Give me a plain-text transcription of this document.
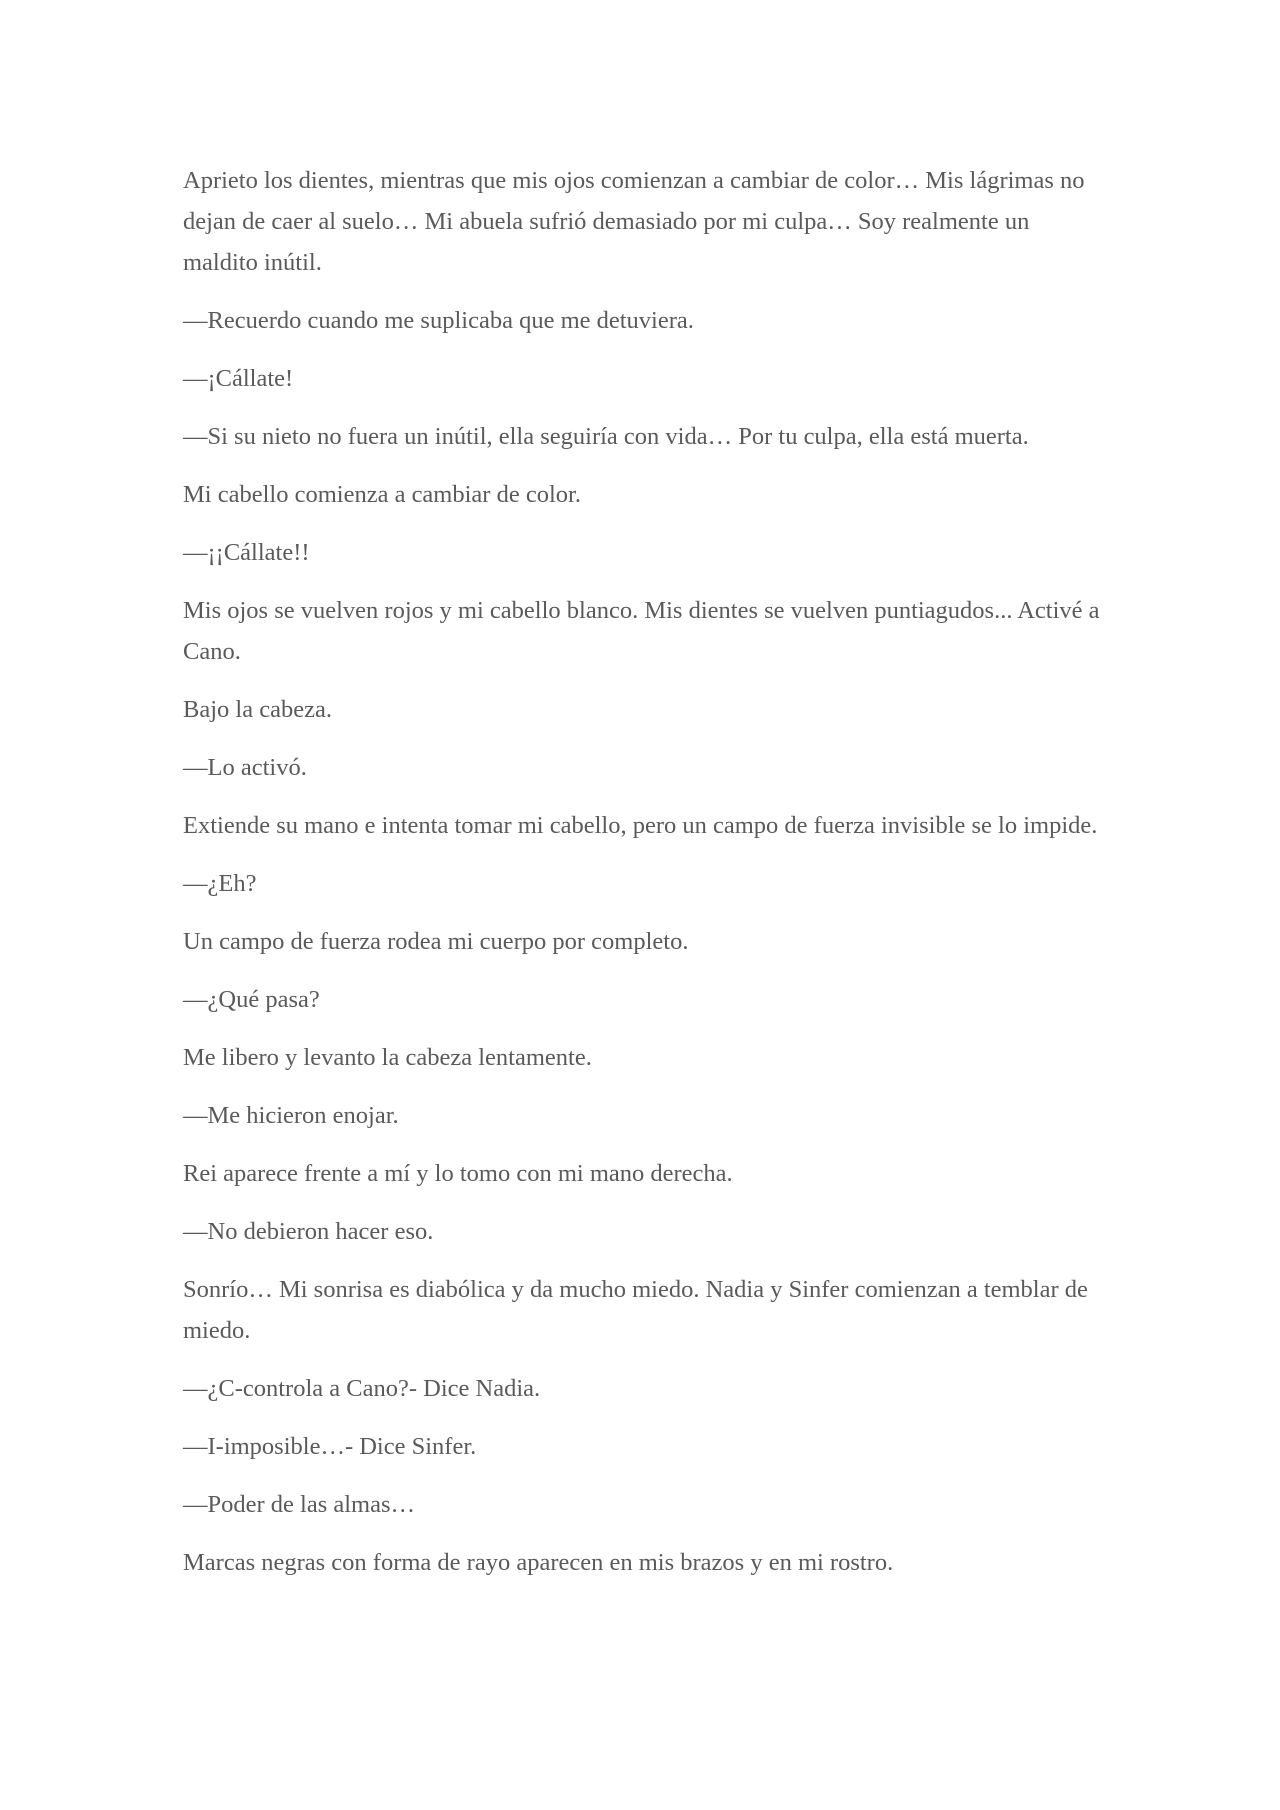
Aprieto los dientes, mientras que mis ojos comienzan a cambiar de color… Mis lágrimas no dejan de caer al suelo… Mi abuela sufrió demasiado por mi culpa… Soy realmente un maldito inútil.

—Recuerdo cuando me suplicaba que me detuviera.

—¡Cállate!

—Si su nieto no fuera un inútil, ella seguiría con vida… Por tu culpa, ella está muerta.

Mi cabello comienza a cambiar de color.

—¡¡Cállate!!

Mis ojos se vuelven rojos y mi cabello blanco. Mis dientes se vuelven puntiagudos... Activé a Cano.

Bajo la cabeza.

—Lo activó.

Extiende su mano e intenta tomar mi cabello, pero un campo de fuerza invisible se lo impide.

—¿Eh?

Un campo de fuerza rodea mi cuerpo por completo.

—¿Qué pasa?

Me libero y levanto la cabeza lentamente.

—Me hicieron enojar.

Rei aparece frente a mí y lo tomo con mi mano derecha.

—No debieron hacer eso.

Sonrío… Mi sonrisa es diabólica y da mucho miedo. Nadia y Sinfer comienzan a temblar de miedo.

—¿C-controla a Cano?- Dice Nadia.

—I-imposible…- Dice Sinfer.

—Poder de las almas…

Marcas negras con forma de rayo aparecen en mis brazos y en mi rostro.
